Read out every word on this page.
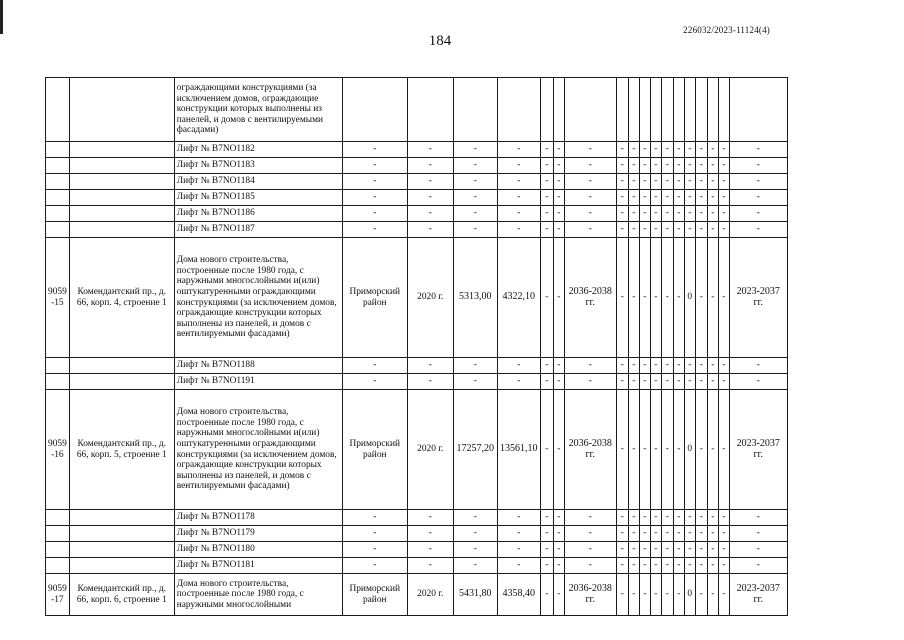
184
226032/2023-11124(4)
		ограждающими конструкциями (за исключением домов, ограждающие конструкции которых выполнены из панелей, и домов с вентилируемыми фасадами)																		
		Лифт № В7NO1182	-	-	-	-	-	-	-	-	-	-	-	-	-	-	-	-	-	-
		Лифт № В7NO1183	-	-	-	-	-	-	-	-	-	-	-	-	-	-	-	-	-	-
		Лифт № В7NO1184	-	-	-	-	-	-	-	-	-	-	-	-	-	-	-	-	-	-
		Лифт № В7NO1185	-	-	-	-	-	-	-	-	-	-	-	-	-	-	-	-	-	-
		Лифт № В7NO1186	-	-	-	-	-	-	-	-	-	-	-	-	-	-	-	-	-	-
		Лифт № В7NO1187	-	-	-	-	-	-	-	-	-	-	-	-	-	-	-	-	-	-
9059 -15	Комендантский пр., д. 66, корп. 4, строение 1	Дома нового строительства, построенные после 1980 года, с наружными многослойными и(или) оштукатуренными ограждающими конструкциями (за исключением домов, ограждающие конструкции которых выполнены из панелей, и домов с вентилируемыми фасадами)	Приморский район	2020 г.	5313,00	4322,10	-	-	2036-2038 гг.	-	-	-	-	-	-	0	-	-	-	2023-2037 гг.
		Лифт № В7NO1188	-	-	-	-	-	-	-	-	-	-	-	-	-	-	-	-	-	-
		Лифт № В7NO1191	-	-	-	-	-	-	-	-	-	-	-	-	-	-	-	-	-	-
9059 -16	Комендантский пр., д. 66, корп. 5, строение 1	Дома нового строительства, построенные после 1980 года, с наружными многослойными и(или) оштукатуренными ограждающими конструкциями (за исключением домов, ограждающие конструкции которых выполнены из панелей, и домов с вентилируемыми фасадами)	Приморский район	2020 г.	17257,20	13561,10	-	-	2036-2038 гг.	-	-	-	-	-	-	0	-	-	-	2023-2037 гг.
		Лифт № В7NO1178	-	-	-	-	-	-	-	-	-	-	-	-	-	-	-	-	-	-
		Лифт № В7NO1179	-	-	-	-	-	-	-	-	-	-	-	-	-	-	-	-	-	-
		Лифт № В7NO1180	-	-	-	-	-	-	-	-	-	-	-	-	-	-	-	-	-	-
		Лифт № В7NO1181	-	-	-	-	-	-	-	-	-	-	-	-	-	-	-	-	-	-
9059 -17	Комендантский пр., д. 66, корп. 6, строение 1	Дома нового строительства, построенные после 1980 года, с наружными многослойными	Приморский район	2020 г.	5431,80	4358,40	-	-	2036-2038 гг.	-	-	-	-	-	-	0	-	-	-	2023-2037 гг.
